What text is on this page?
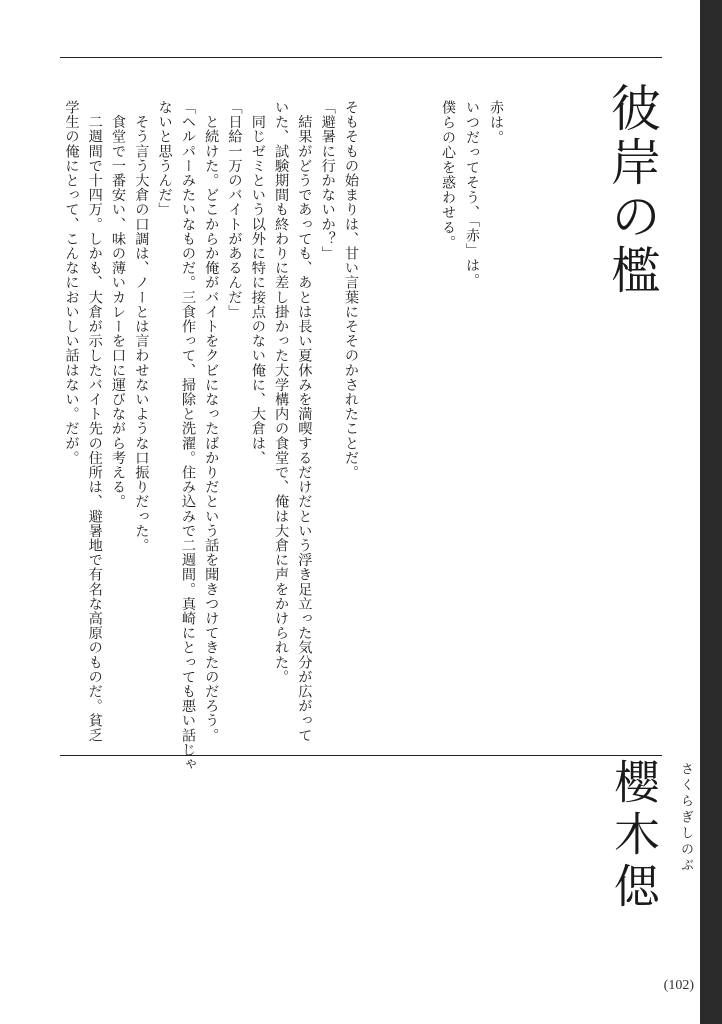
彼岸の檻
赤は。
いつだってそう、「赤」は。
僕らの心を惑わせる。

そもそもの始まりは、甘い言葉にそそのかされたことだ。

「避暑に行かないか？」

　結果がどうであっても、あとは長い夏休みを満喫するだけだという浮き足立った気分が広がって

いた、試験期間も終わりに差し掛かった大学構内の食堂で、俺は大倉に声をかけられた。

　同じゼミという以外に特に接点のない俺に、大倉は、

「日給一万のバイトがあるんだ」

　と続けた。どこからか俺がバイトをクビになったばかりだという話を聞きつけてきたのだろう。

「ヘルパーみたいなものだ。三食作って、掃除と洗濯。住み込みで二週間。真崎にとっても悪い話じゃ

ないと思うんだ」

　そう言う大倉の口調は、ノーとは言わせないような口振りだった。

　食堂で一番安い、味の薄いカレーを口に運びながら考える。

　二週間で十四万。しかも、大倉が示したバイト先の住所は、避暑地で有名な高原のものだ。貧乏

学生の俺にとって、こんなにおいしい話はない。だが。

櫻木偲 さくらぎしのぶ
(102)
